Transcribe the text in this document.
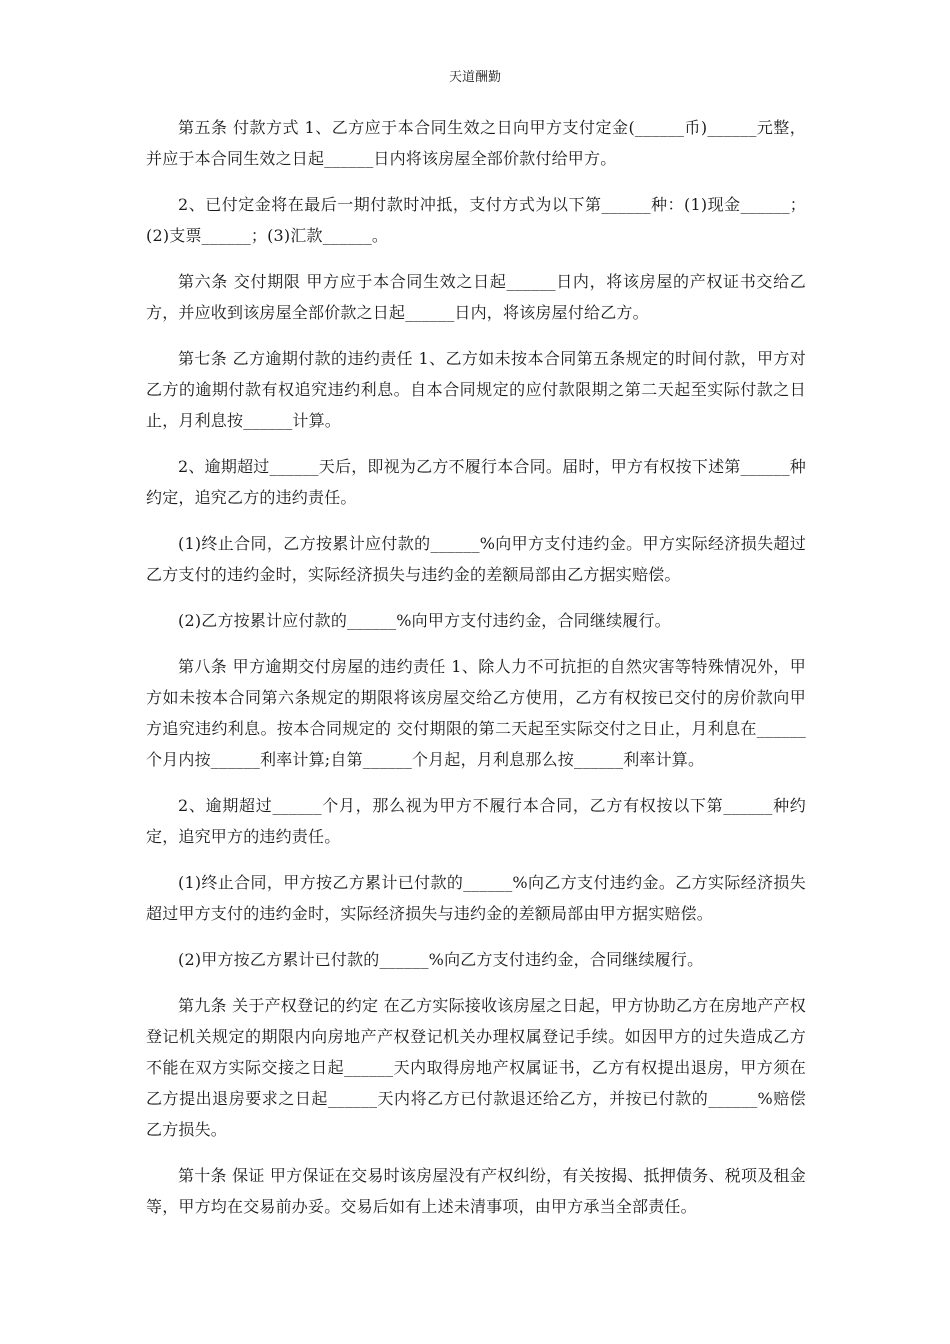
天道酬勤

第五条 付款方式 1、乙方应于本合同生效之日向甲方支付定金(______币)______元整，并应于本合同生效之日起______日内将该房屋全部价款付给甲方。

2、已付定金将在最后一期付款时冲抵，支付方式为以下第______种：(1)现金______；(2)支票______；(3)汇款______。

第六条 交付期限 甲方应于本合同生效之日起______日内，将该房屋的产权证书交给乙方，并应收到该房屋全部价款之日起______日内，将该房屋付给乙方。

第七条 乙方逾期付款的违约责任 1、乙方如未按本合同第五条规定的时间付款，甲方对乙方的逾期付款有权追究违约利息。自本合同规定的应付款限期之第二天起至实际付款之日止，月利息按______计算。

2、逾期超过______天后，即视为乙方不履行本合同。届时，甲方有权按下述第______种约定，追究乙方的违约责任。

(1)终止合同，乙方按累计应付款的______%向甲方支付违约金。甲方实际经济损失超过乙方支付的违约金时，实际经济损失与违约金的差额局部由乙方据实赔偿。

(2)乙方按累计应付款的______%向甲方支付违约金，合同继续履行。

第八条 甲方逾期交付房屋的违约责任 1、除人力不可抗拒的自然灾害等特殊情况外，甲方如未按本合同第六条规定的期限将该房屋交给乙方使用，乙方有权按已交付的房价款向甲方追究违约利息。按本合同规定的 交付期限的第二天起至实际交付之日止，月利息在______个月内按______利率计算;自第______个月起，月利息那么按______利率计算。

2、逾期超过______个月，那么视为甲方不履行本合同，乙方有权按以下第______种约定，追究甲方的违约责任。

(1)终止合同，甲方按乙方累计已付款的______%向乙方支付违约金。乙方实际经济损失超过甲方支付的违约金时，实际经济损失与违约金的差额局部由甲方据实赔偿。

(2)甲方按乙方累计已付款的______%向乙方支付违约金，合同继续履行。

第九条 关于产权登记的约定 在乙方实际接收该房屋之日起，甲方协助乙方在房地产产权登记机关规定的期限内向房地产产权登记机关办理权属登记手续。如因甲方的过失造成乙方不能在双方实际交接之日起______天内取得房地产权属证书，乙方有权提出退房，甲方须在乙方提出退房要求之日起______天内将乙方已付款退还给乙方，并按已付款的______%赔偿乙方损失。

第十条 保证 甲方保证在交易时该房屋没有产权纠纷，有关按揭、抵押债务、税项及租金等，甲方均在交易前办妥。交易后如有上述未清事项，由甲方承当全部责任。
